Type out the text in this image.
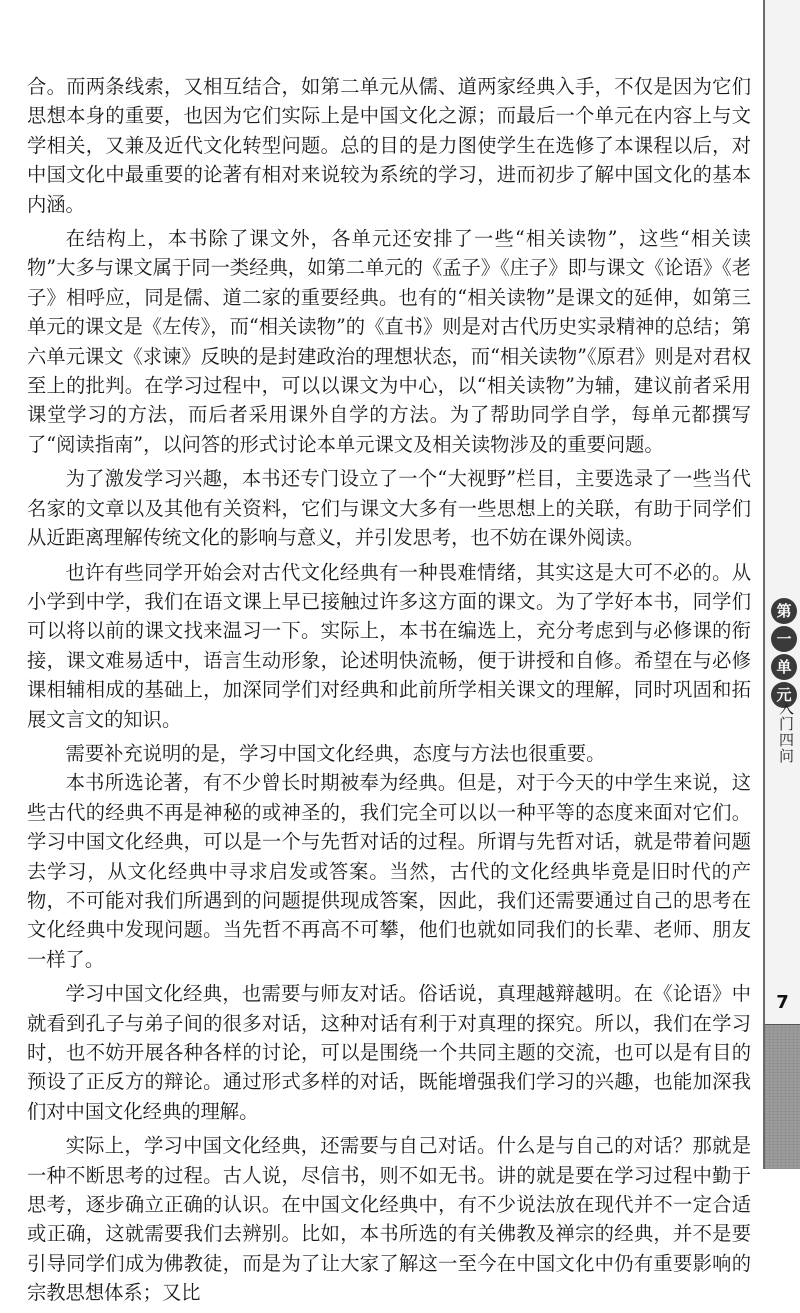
第
一
单
元
入门四问
7

合。而两条线索，又相互结合，如第二单元从儒、道两家经典入手，不仅是因为它们思想本身的重要，也因为它们实际上是中国文化之源；而最后一个单元在内容上与文学相关，又兼及近代文化转型问题。总的目的是力图使学生在选修了本课程以后，对中国文化中最重要的论著有相对来说较为系统的学习，进而初步了解中国文化的基本内涵。

在结构上，本书除了课文外，各单元还安排了一些“相关读物”，这些“相关读物”大多与课文属于同一类经典，如第二单元的《孟子》《庄子》即与课文《论语》《老子》相呼应，同是儒、道二家的重要经典。也有的“相关读物”是课文的延伸，如第三单元的课文是《左传》，而“相关读物”的《直书》则是对古代历史实录精神的总结；第六单元课文《求谏》反映的是封建政治的理想状态，而“相关读物”《原君》则是对君权至上的批判。在学习过程中，可以以课文为中心，以“相关读物”为辅，建议前者采用课堂学习的方法，而后者采用课外自学的方法。为了帮助同学自学，每单元都撰写了“阅读指南”，以问答的形式讨论本单元课文及相关读物涉及的重要问题。

为了激发学习兴趣，本书还专门设立了一个“大视野”栏目，主要选录了一些当代名家的文章以及其他有关资料，它们与课文大多有一些思想上的关联，有助于同学们从近距离理解传统文化的影响与意义，并引发思考，也不妨在课外阅读。

也许有些同学开始会对古代文化经典有一种畏难情绪，其实这是大可不必的。从小学到中学，我们在语文课上早已接触过许多这方面的课文。为了学好本书，同学们可以将以前的课文找来温习一下。实际上，本书在编选上，充分考虑到与必修课的衔接，课文难易适中，语言生动形象，论述明快流畅，便于讲授和自修。希望在与必修课相辅相成的基础上，加深同学们对经典和此前所学相关课文的理解，同时巩固和拓展文言文的知识。

需要补充说明的是，学习中国文化经典，态度与方法也很重要。

本书所选论著，有不少曾长时期被奉为经典。但是，对于今天的中学生来说，这些古代的经典不再是神秘的或神圣的，我们完全可以以一种平等的态度来面对它们。学习中国文化经典，可以是一个与先哲对话的过程。所谓与先哲对话，就是带着问题去学习，从文化经典中寻求启发或答案。当然，古代的文化经典毕竟是旧时代的产物，不可能对我们所遇到的问题提供现成答案，因此，我们还需要通过自己的思考在文化经典中发现问题。当先哲不再高不可攀，他们也就如同我们的长辈、老师、朋友一样了。

学习中国文化经典，也需要与师友对话。俗话说，真理越辩越明。在《论语》中就看到孔子与弟子间的很多对话，这种对话有利于对真理的探究。所以，我们在学习时，也不妨开展各种各样的讨论，可以是围绕一个共同主题的交流，也可以是有目的预设了正反方的辩论。通过形式多样的对话，既能增强我们学习的兴趣，也能加深我们对中国文化经典的理解。

实际上，学习中国文化经典，还需要与自己对话。什么是与自己的对话？那就是一种不断思考的过程。古人说，尽信书，则不如无书。讲的就是要在学习过程中勤于思考，逐步确立正确的认识。在中国文化经典中，有不少说法放在现代并不一定合适或正确，这就需要我们去辨别。比如，本书所选的有关佛教及禅宗的经典，并不是要引导同学们成为佛教徒，而是为了让大家了解这一至今在中国文化中仍有重要影响的宗教思想体系；又比
